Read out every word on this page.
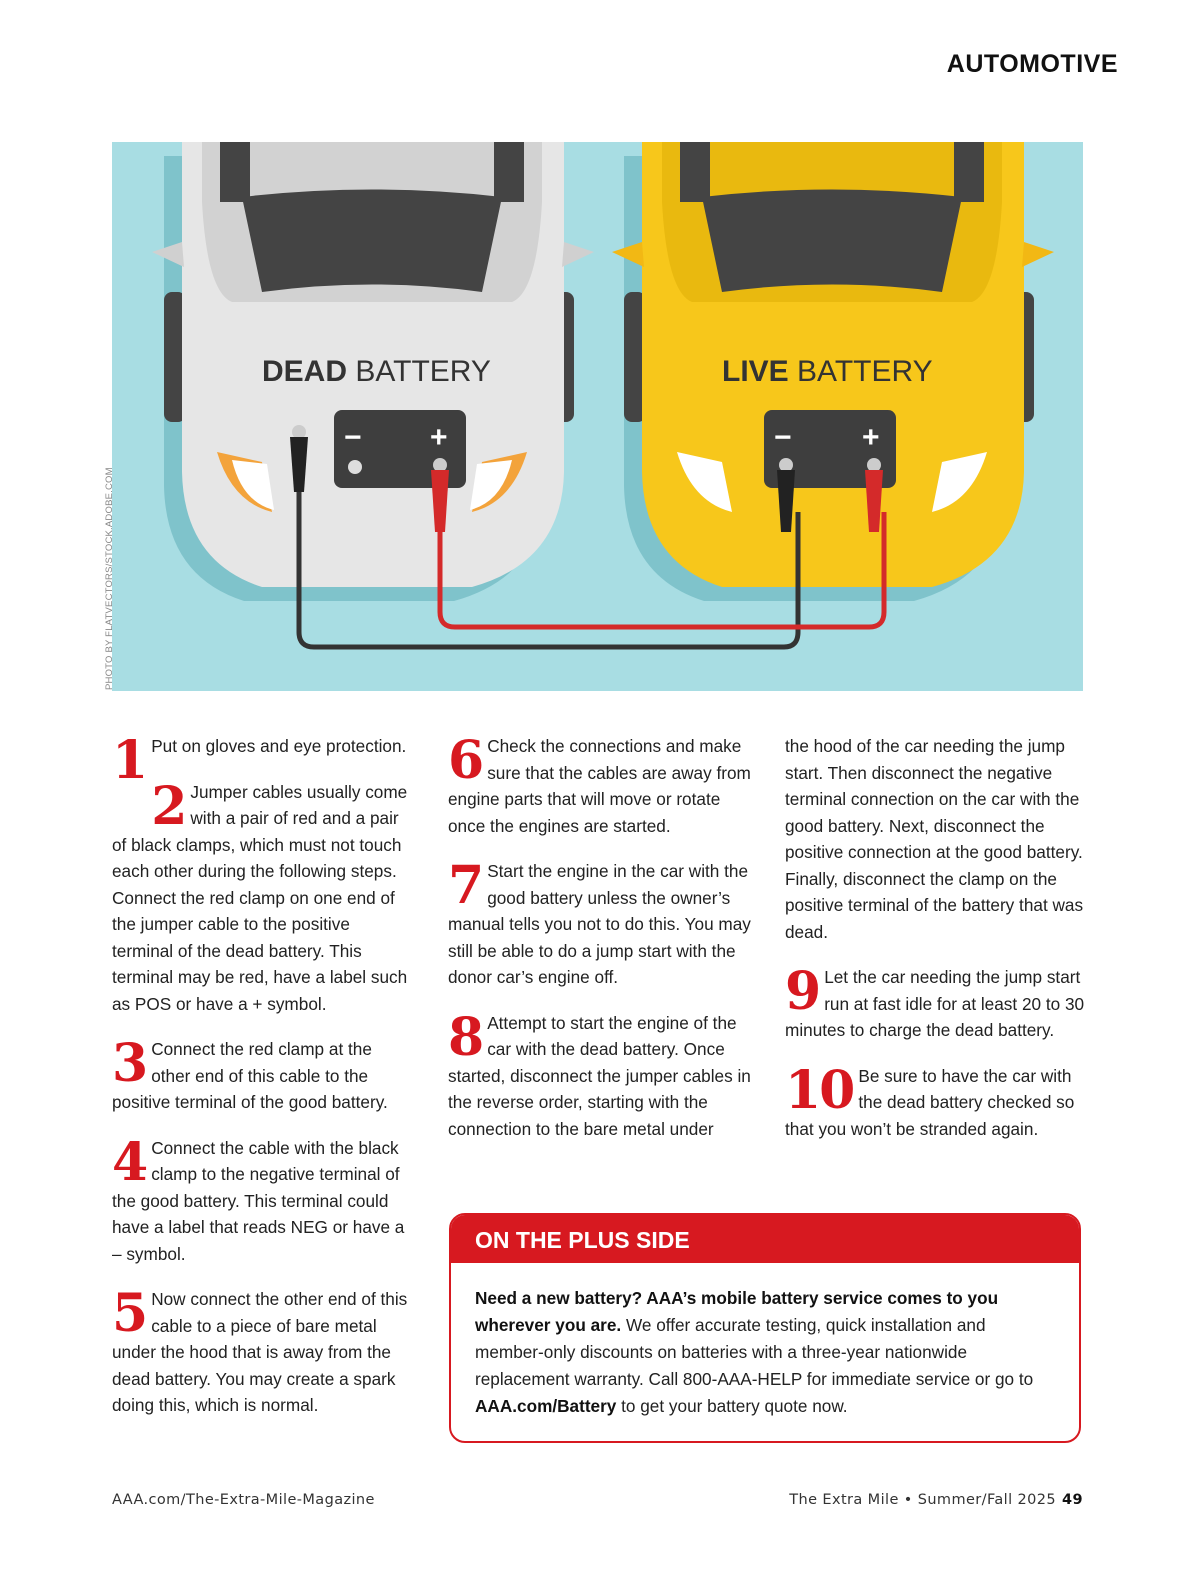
AUTOMOTIVE
DEAD BATTERY
− +
LIVE BATTERY
− +
PHOTO BY FLATVECTORS/STOCK.ADOBE.COM
1 Put on gloves and eye protection.

2 Jumper cables usually come with a pair of red and a pair of black clamps, which must not touch each other during the following steps. Connect the red clamp on one end of the jumper cable to the positive terminal of the dead battery. This terminal may be red, have a label such as POS or have a + symbol.

3 Connect the red clamp at the other end of this cable to the positive terminal of the good battery.

4 Connect the cable with the black clamp to the negative terminal of the good battery. This terminal could have a label that reads NEG or have a – symbol.

5 Now connect the other end of this cable to a piece of bare metal under the hood that is away from the dead battery. You may create a spark doing this, which is normal.

6 Check the connections and make sure that the cables are away from engine parts that will move or rotate once the engines are started.

7 Start the engine in the car with the good battery unless the owner’s manual tells you not to do this. You may still be able to do a jump start with the donor car’s engine off.

8 Attempt to start the engine of the car with the dead battery. Once started, disconnect the jumper cables in the reverse order, starting with the connection to the bare metal under

the hood of the car needing the jump start. Then disconnect the negative terminal connection on the car with the good battery. Next, disconnect the positive connection at the good battery. Finally, disconnect the clamp on the positive terminal of the battery that was dead.

9 Let the car needing the jump start run at fast idle for at least 20 to 30 minutes to charge the dead battery.

10 Be sure to have the car with the dead battery checked so that you won’t be stranded again.

ON THE PLUS SIDE
Need a new battery? AAA’s mobile battery service comes to you wherever you are. We offer accurate testing, quick installation and member-only discounts on batteries with a three-year nationwide replacement warranty. Call 800-AAA-HELP for immediate service or go to AAA.com/Battery to get your battery quote now.
AAA.com/The-Extra-Mile-Magazine	The Extra Mile • Summer/Fall 2025 49
